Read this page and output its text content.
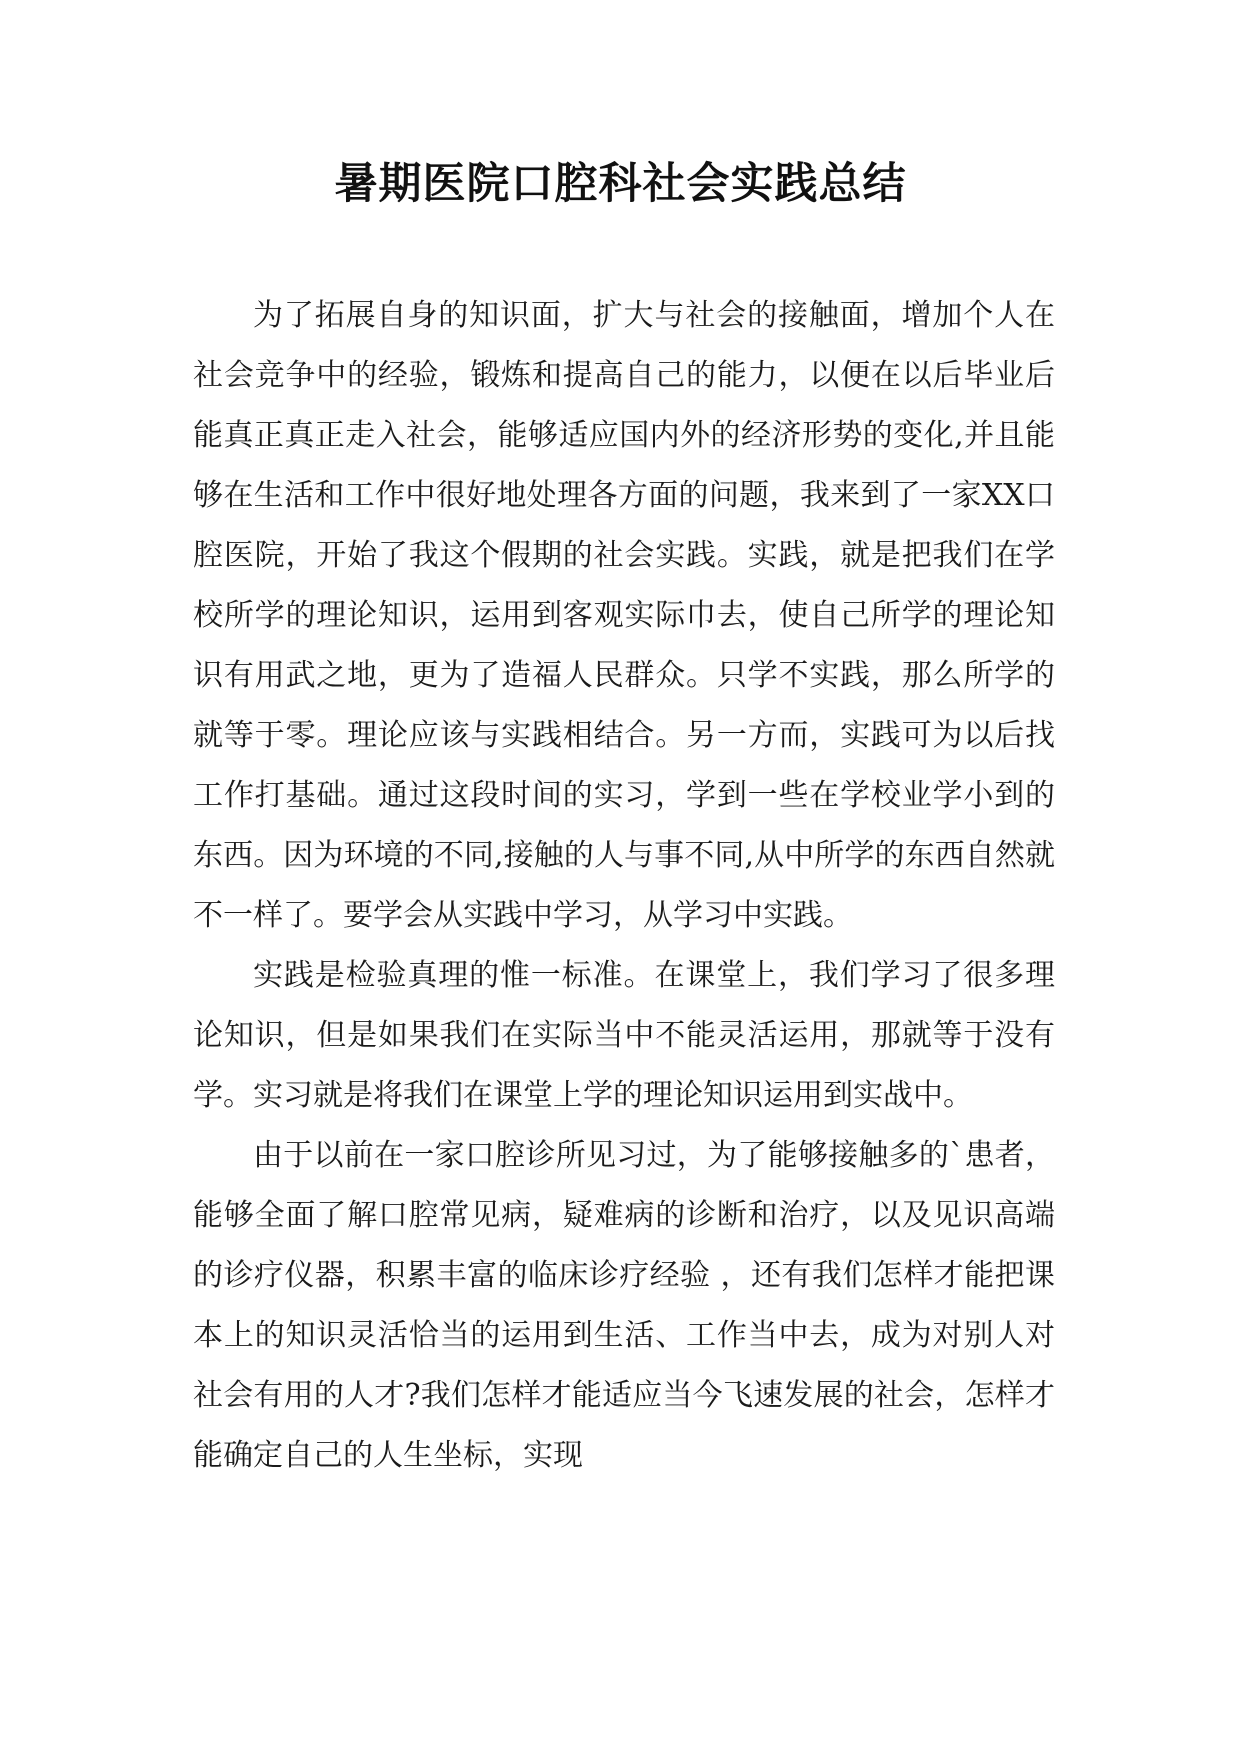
暑期医院口腔科社会实践总结

为了拓展自身的知识面，扩大与社会的接触面，增加个人在社会竞争中的经验，锻炼和提高自己的能力，以便在以后毕业后能真正真正走入社会，能够适应国内外的经济形势的变化,并且能够在生活和工作中很好地处理各方面的问题，我来到了一家XX口腔医院，开始了我这个假期的社会实践。实践，就是把我们在学校所学的理论知识，运用到客观实际巾去，使自己所学的理论知识有用武之地，更为了造福人民群众。只学不实践，那么所学的就等于零。理论应该与实践相结合。另一方而，实践可为以后找工作打基础。通过这段时间的实习，学到一些在学校业学小到的东西。因为环境的不同,接触的人与事不同,从中所学的东西自然就不一样了。要学会从实践中学习，从学习中实践。

实践是检验真理的惟一标准。在课堂上，我们学习了很多理论知识，但是如果我们在实际当中不能灵活运用，那就等于没有学。实习就是将我们在课堂上学的理论知识运用到实战中。

由于以前在一家口腔诊所见习过，为了能够接触多的`患者，能够全面了解口腔常见病，疑难病的诊断和治疗，以及见识高端的诊疗仪器，积累丰富的临床诊疗经验 ，还有我们怎样才能把课本上的知识灵活恰当的运用到生活、工作当中去，成为对别人对社会有用的人才?我们怎样才能适应当今飞速发展的社会，怎样才能确定自己的人生坐标，实现
